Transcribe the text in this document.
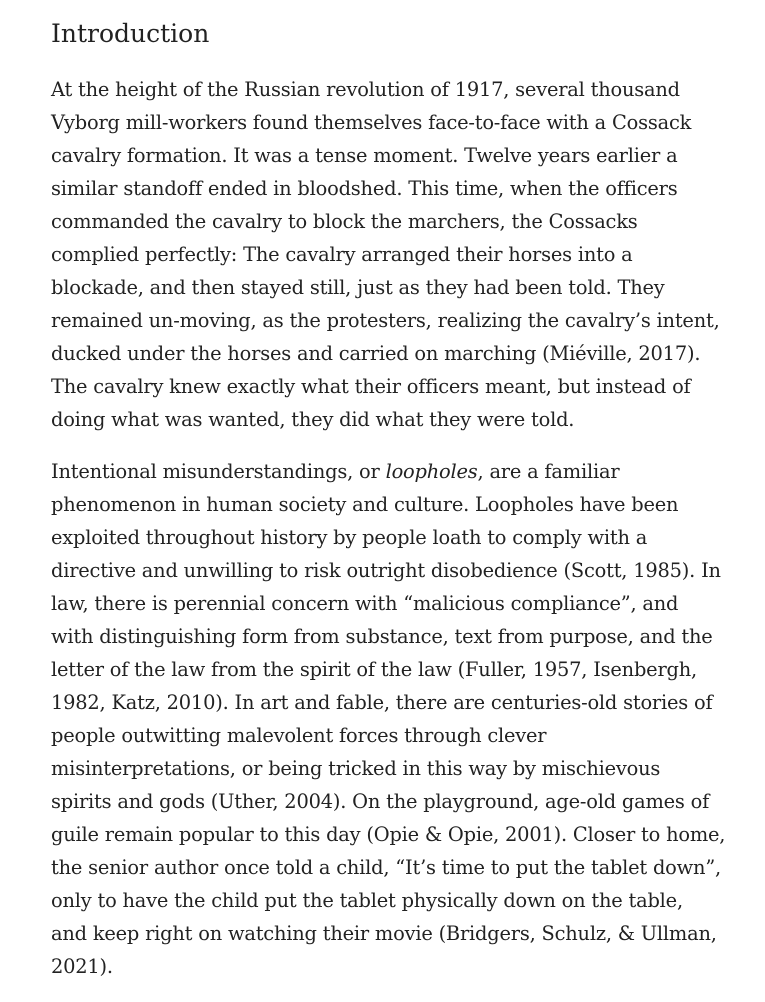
Introduction

At the height of the Russian revolution of 1917, several thousand
Vyborg mill-workers found themselves face-to-face with a Cossack
cavalry formation. It was a tense moment. Twelve years earlier a
similar standoff ended in bloodshed. This time, when the officers
commanded the cavalry to block the marchers, the Cossacks
complied perfectly: The cavalry arranged their horses into a
blockade, and then stayed still, just as they had been told. They
remained un-moving, as the protesters, realizing the cavalry’s intent,
ducked under the horses and carried on marching (Miéville, 2017).
The cavalry knew exactly what their officers meant, but instead of
doing what was wanted, they did what they were told.

Intentional misunderstandings, or loopholes, are a familiar
phenomenon in human society and culture. Loopholes have been
exploited throughout history by people loath to comply with a
directive and unwilling to risk outright disobedience (Scott, 1985). In
law, there is perennial concern with “malicious compliance”, and
with distinguishing form from substance, text from purpose, and the
letter of the law from the spirit of the law (Fuller, 1957, Isenbergh,
1982, Katz, 2010). In art and fable, there are centuries-old stories of
people outwitting malevolent forces through clever
misinterpretations, or being tricked in this way by mischievous
spirits and gods (Uther, 2004). On the playground, age-old games of
guile remain popular to this day (Opie & Opie, 2001). Closer to home,
the senior author once told a child, “It’s time to put the tablet down”,
only to have the child put the tablet physically down on the table,
and keep right on watching their movie (Bridgers, Schulz, & Ullman,
2021).
